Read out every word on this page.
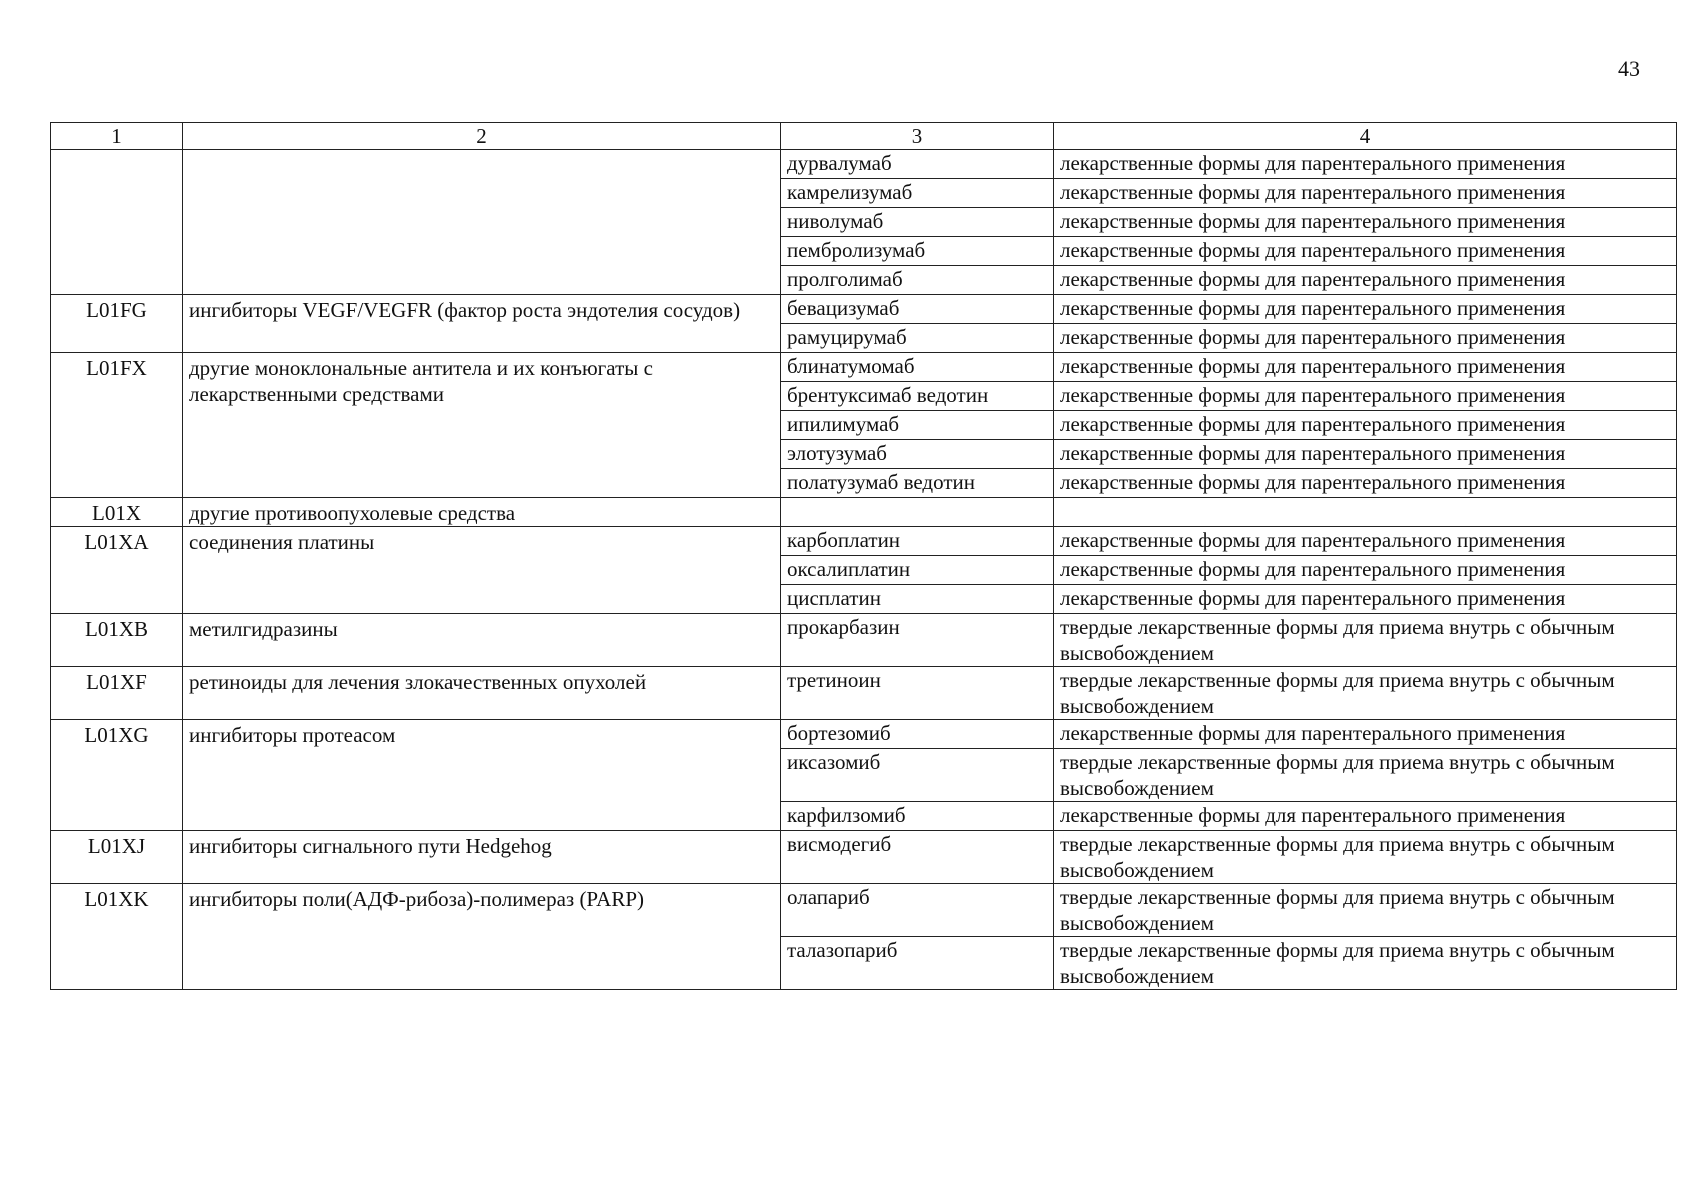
43
1	2	3	4
		дурвалумаб	лекарственные формы для парентерального применения
		камрелизумаб	лекарственные формы для парентерального применения
		ниволумаб	лекарственные формы для парентерального применения
		пембролизумаб	лекарственные формы для парентерального применения
		пролголимаб	лекарственные формы для парентерального применения
L01FG	ингибиторы VEGF/VEGFR (фактор роста эндотелия сосудов)	бевацизумаб	лекарственные формы для парентерального применения
		рамуцирумаб	лекарственные формы для парентерального применения
L01FX	другие моноклональные антитела и их конъюгаты с лекарственными средствами	блинатумомаб	лекарственные формы для парентерального применения
		брентуксимаб ведотин	лекарственные формы для парентерального применения
		ипилимумаб	лекарственные формы для парентерального применения
		элотузумаб	лекарственные формы для парентерального применения
		полатузумаб ведотин	лекарственные формы для парентерального применения
L01X	другие противоопухолевые средства		
L01XA	соединения платины	карбоплатин	лекарственные формы для парентерального применения
		оксалиплатин	лекарственные формы для парентерального применения
		цисплатин	лекарственные формы для парентерального применения
L01XB	метилгидразины	прокарбазин	твердые лекарственные формы для приема внутрь с обычным высвобождением
L01XF	ретиноиды для лечения злокачественных опухолей	третиноин	твердые лекарственные формы для приема внутрь с обычным высвобождением
L01XG	ингибиторы протеасом	бортезомиб	лекарственные формы для парентерального применения
		иксазомиб	твердые лекарственные формы для приема внутрь с обычным высвобождением
		карфилзомиб	лекарственные формы для парентерального применения
L01XJ	ингибиторы сигнального пути Hedgehog	висмодегиб	твердые лекарственные формы для приема внутрь с обычным высвобождением
L01XK	ингибиторы поли(АДФ-рибоза)-полимераз (PARP)	олапариб	твердые лекарственные формы для приема внутрь с обычным высвобождением
		талазопариб	твердые лекарственные формы для приема внутрь с обычным высвобождением
